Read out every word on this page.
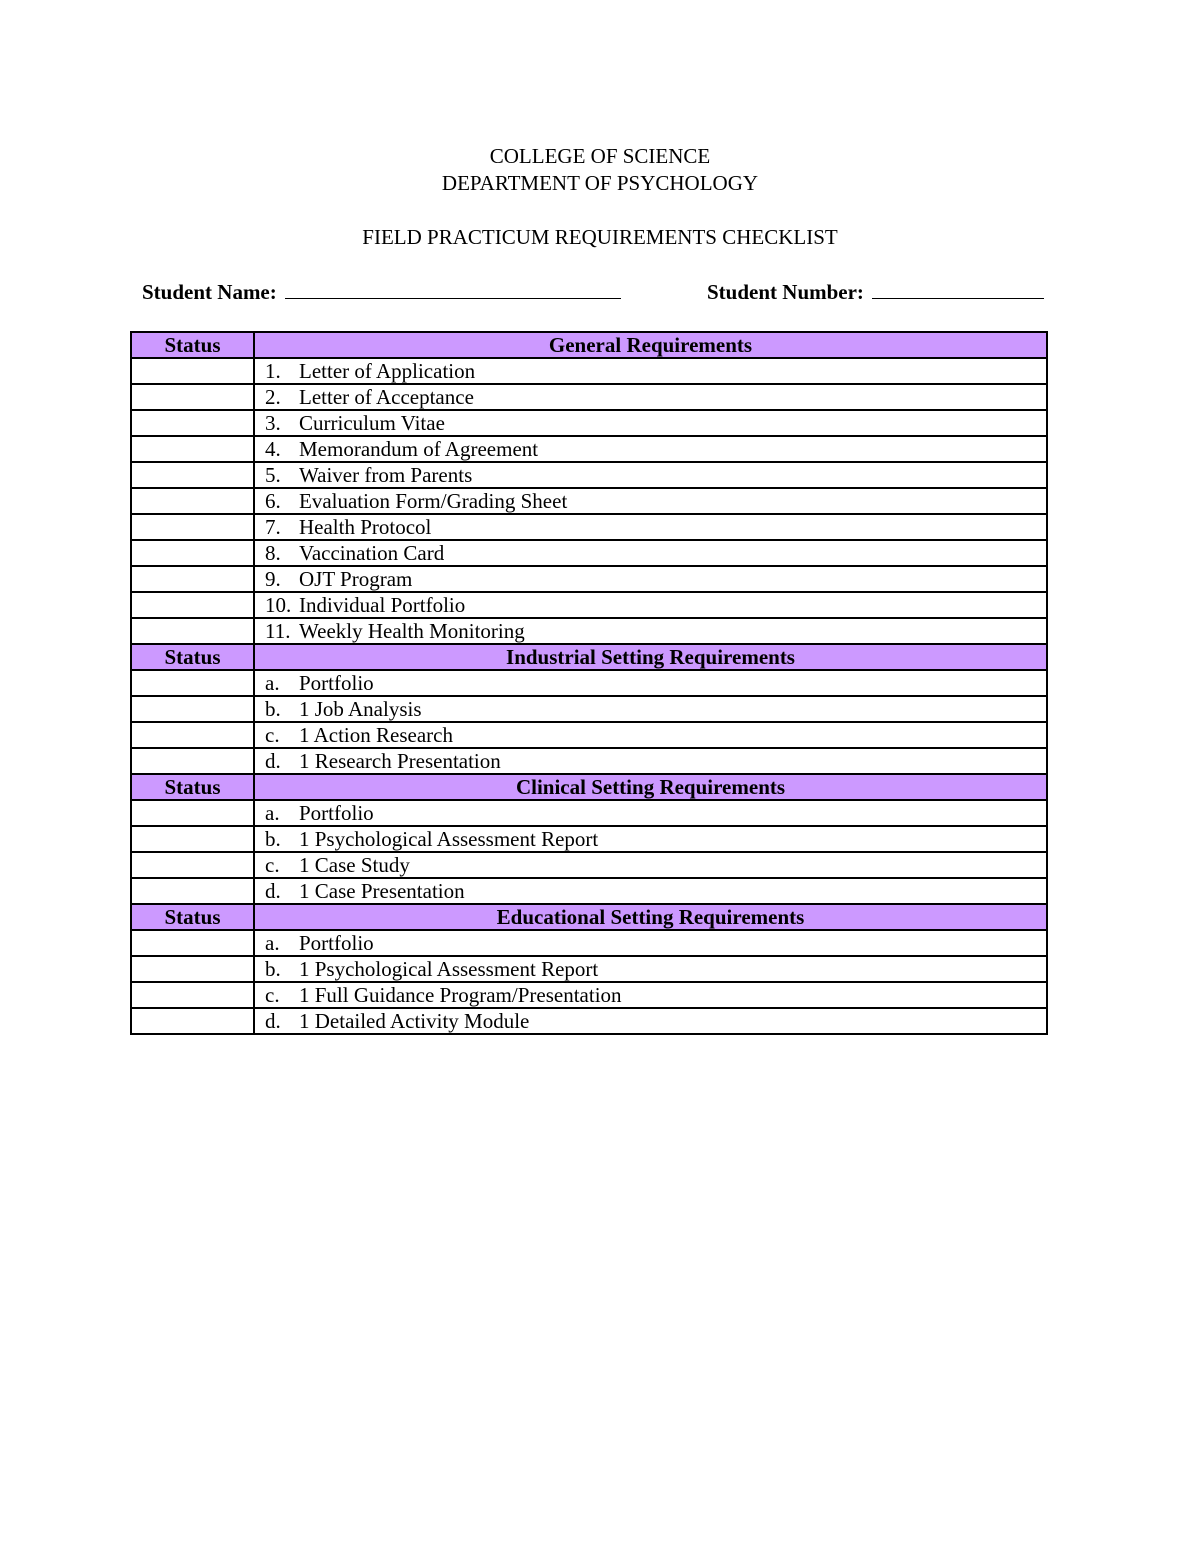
COLLEGE OF SCIENCE
DEPARTMENT OF PSYCHOLOGY
FIELD PRACTICUM REQUIREMENTS CHECKLIST
Student Name:	Student Number:
Status	General Requirements
	1. Letter of Application
	2. Letter of Acceptance
	3. Curriculum Vitae
	4. Memorandum of Agreement
	5. Waiver from Parents
	6. Evaluation Form/Grading Sheet
	7. Health Protocol
	8. Vaccination Card
	9. OJT Program
	10. Individual Portfolio
	11. Weekly Health Monitoring
Status	Industrial Setting Requirements
	a. Portfolio
	b. 1 Job Analysis
	c. 1 Action Research
	d. 1 Research Presentation
Status	Clinical Setting Requirements
	a. Portfolio
	b. 1 Psychological Assessment Report
	c. 1 Case Study
	d. 1 Case Presentation
Status	Educational Setting Requirements
	a. Portfolio
	b. 1 Psychological Assessment Report
	c. 1 Full Guidance Program/Presentation
	d. 1 Detailed Activity Module
